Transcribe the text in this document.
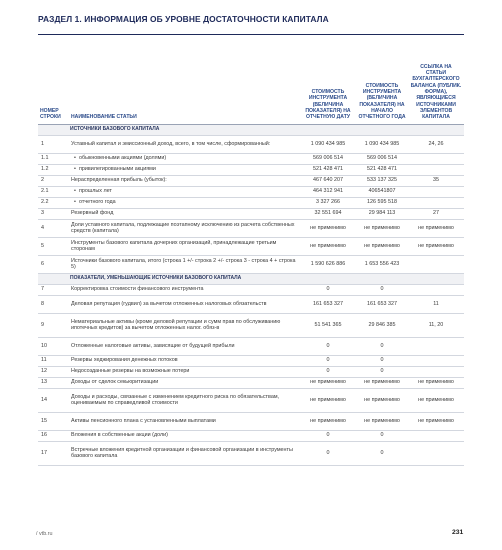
РАЗДЕЛ 1. ИНФОРМАЦИЯ ОБ УРОВНЕ ДОСТАТОЧНОСТИ КАПИТАЛА
НОМЕР СТРОКИ	НАИМЕНОВАНИЕ СТАТЬИ	СТОИМОСТЬ ИНСТРУМЕНТА (ВЕЛИЧИНА ПОКАЗАТЕЛЯ) НА ОТЧЕТНУЮ ДАТУ	СТОИМОСТЬ ИНСТРУМЕНТА (ВЕЛИЧИНА ПОКАЗАТЕЛЯ) НА НАЧАЛО ОТЧЕТНОГО ГОДА	ССЫЛКА НА СТАТЬИ БУХГАЛТЕРСКОГО БАЛАНСА (ПУБЛИК. ФОРМА), ЯВЛЯЮЩИЕСЯ ИСТОЧНИКАМИ ЭЛЕМЕНТОВ КАПИТАЛА
ИСТОЧНИКИ БАЗОВОГО КАПИТАЛА				
1	Уставный капитал и эмиссионный доход, всего, в том числе, сформированный:	1 090 434 985	1 090 434 985	24, 26
1.1	• обыкновенными акциями (долями)	569 006 514	569 006 514	
1.2	• привилегированными акциями	521 428 471	521 428 471	
2	Нераспределенная прибыль (убыток):	467 640 207	533 137 325	35
2.1	• прошлых лет	464 312 941	406541807	
2.2	• отчетного года	3 327 266	126 595 518	
3	Резервный фонд	32 551 694	29 984 113	27
4	Доли уставного капитала, подлежащие поэтапному исключению из расчета собственных средств (капитала)	не применимо	не применимо	не применимо
5	Инструменты базового капитала дочерних организаций, принадлежащие третьим сторонам	не применимо	не применимо	не применимо
6	Источники базового капитала, итого (строка 1 +/- строка 2 +/- строка 3 - строка 4 + строка 5)	1 590 626 886	1 653 556 423	
ПОКАЗАТЕЛИ, УМЕНЬШАЮЩИЕ ИСТОЧНИКИ БАЗОВОГО КАПИТАЛА				
7	Корректировка стоимости финансового инструмента	0	0	
8	Деловая репутация (гудвил) за вычетом отложенных налоговых обязательств	161 653 327	161 653 327	11
9	Нематериальные активы (кроме деловой репутации и сумм прав по обслуживанию ипотечных кредитов) за вычетом отложенных налог. обяз-в	51 541 365	29 846 385	11, 20
10	Отложенные налоговые активы, зависящие от будущей прибыли	0	0	
11	Резервы хеджирования денежных потоков	0	0	
12	Недосозданные резервы на возможные потери	0	0	
13	Доходы от сделок секьюритизации	не применимо	не применимо	не применимо
14	Доходы и расходы, связанные с изменением кредитного риска по обязательствам, оцениваемым по справедливой стоимости	не применимо	не применимо	не применимо
15	Активы пенсионного плана с установленными выплатами	не применимо	не применимо	не применимо
16	Вложения в собственные акции (доли)	0	0	
17	Встречные вложения кредитной организации и финансовой организации в инструменты базового капитала	0	0	

/ vtb.ru	231
